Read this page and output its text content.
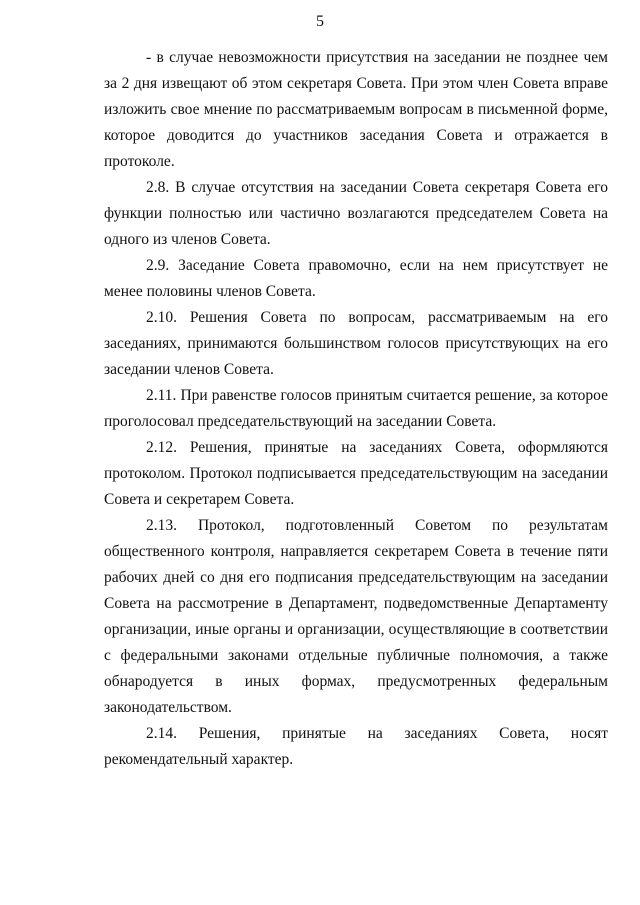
5

- в случае невозможности присутствия на заседании не позднее чем за 2 дня извещают об этом секретаря Совета. При этом член Совета вправе изложить свое мнение по рассматриваемым вопросам в письменной форме, которое доводится до участников заседания Совета и отражается в протоколе.

2.8. В случае отсутствия на заседании Совета секретаря Совета его функции полностью или частично возлагаются председателем Совета на одного из членов Совета.

2.9. Заседание Совета правомочно, если на нем присутствует не менее половины членов Совета.

2.10. Решения Совета по вопросам, рассматриваемым на его заседаниях, принимаются большинством голосов присутствующих на его заседании членов Совета.

2.11. При равенстве голосов принятым считается решение, за которое проголосовал председательствующий на заседании Совета.

2.12. Решения, принятые на заседаниях Совета, оформляются протоколом. Протокол подписывается председательствующим на заседании Совета и секретарем Совета.

2.13. Протокол, подготовленный Советом по результатам общественного контроля, направляется секретарем Совета в течение пяти рабочих дней со дня его подписания председательствующим на заседании Совета на рассмотрение в Департамент, подведомственные Департаменту организации, иные органы и организации, осуществляющие в соответствии с федеральными законами отдельные публичные полномочия, а также обнародуется в иных формах, предусмотренных федеральным законодательством.

2.14. Решения, принятые на заседаниях Совета, носят рекомендательный характер.
